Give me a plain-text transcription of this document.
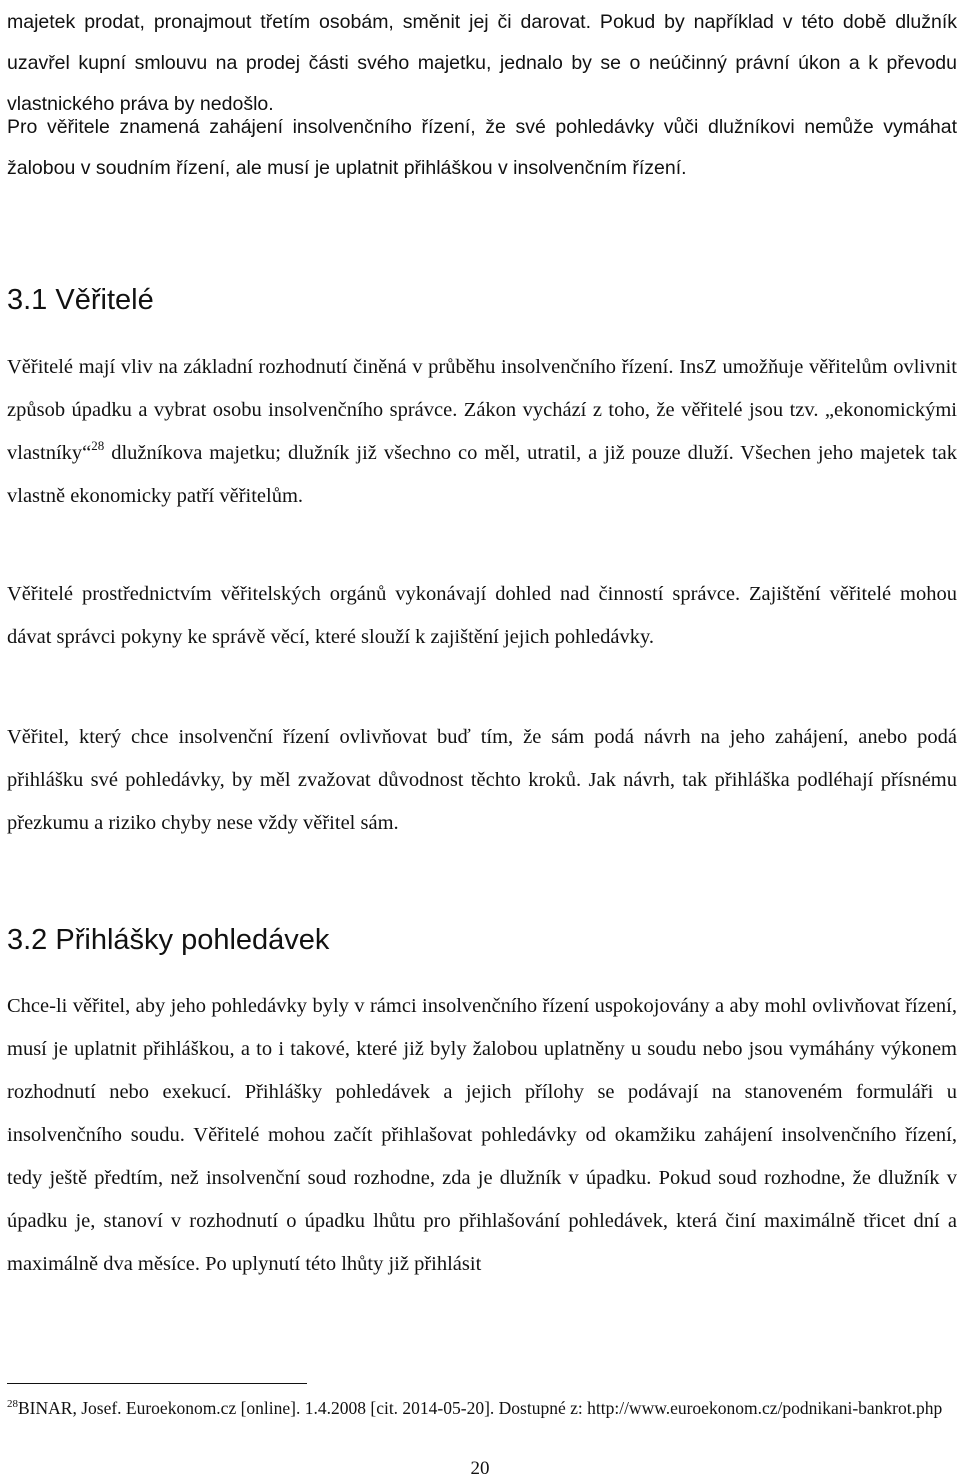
majetek prodat, pronajmout třetím osobám, směnit jej či darovat. Pokud by například v této době dlužník uzavřel kupní smlouvu na prodej části svého majetku, jednalo by se o neúčinný právní úkon a k převodu vlastnického práva by nedošlo.

Pro věřitele znamená zahájení insolvenčního řízení, že své pohledávky vůči dlužníkovi nemůže vymáhat žalobou v soudním řízení, ale musí je uplatnit přihláškou v insolvenčním řízení.

3.1 Věřitelé

Věřitelé mají vliv na základní rozhodnutí činěná v průběhu insolvenčního řízení. InsZ umožňuje věřitelům ovlivnit způsob úpadku a vybrat osobu insolvenčního správce. Zákon vychází z toho, že věřitelé jsou tzv. „ekonomickými vlastníky“$^{28}$ dlužníkova majetku; dlužník již všechno co měl, utratil, a již pouze dluží. Všechen jeho majetek tak vlastně ekonomicky patří věřitelům.

Věřitelé prostřednictvím věřitelských orgánů vykonávají dohled nad činností správce. Zajištění věřitelé mohou dávat správci pokyny ke správě věcí, které slouží k zajištění jejich pohledávky.

Věřitel, který chce insolvenční řízení ovlivňovat buď tím, že sám podá návrh na jeho zahájení, anebo podá přihlášku své pohledávky, by měl zvažovat důvodnost těchto kroků. Jak návrh, tak přihláška podléhají přísnému přezkumu a riziko chyby nese vždy věřitel sám.

3.2 Přihlášky pohledávek

Chce-li věřitel, aby jeho pohledávky byly v rámci insolvenčního řízení uspokojovány a aby mohl ovlivňovat řízení, musí je uplatnit přihláškou, a to i takové, které již byly žalobou uplatněny u soudu nebo jsou vymáhány výkonem rozhodnutí nebo exekucí. Přihlášky pohledávek a jejich přílohy se podávají na stanoveném formuláři u insolvenčního soudu. Věřitelé mohou začít přihlašovat pohledávky od okamžiku zahájení insolvenčního řízení, tedy ještě předtím, než insolvenční soud rozhodne, zda je dlužník v úpadku. Pokud soud rozhodne, že dlužník v úpadku je, stanoví v rozhodnutí o úpadku lhůtu pro přihlašování pohledávek, která činí maximálně třicet dní a maximálně dva měsíce. Po uplynutí této lhůty již přihlásit

$^{28}$BINAR, Josef. Euroekonom.cz [online]. 1.4.2008 [cit. 2014-05-20]. Dostupné z: http://www.euroekonom.cz/podnikani-bankrot.php
20
